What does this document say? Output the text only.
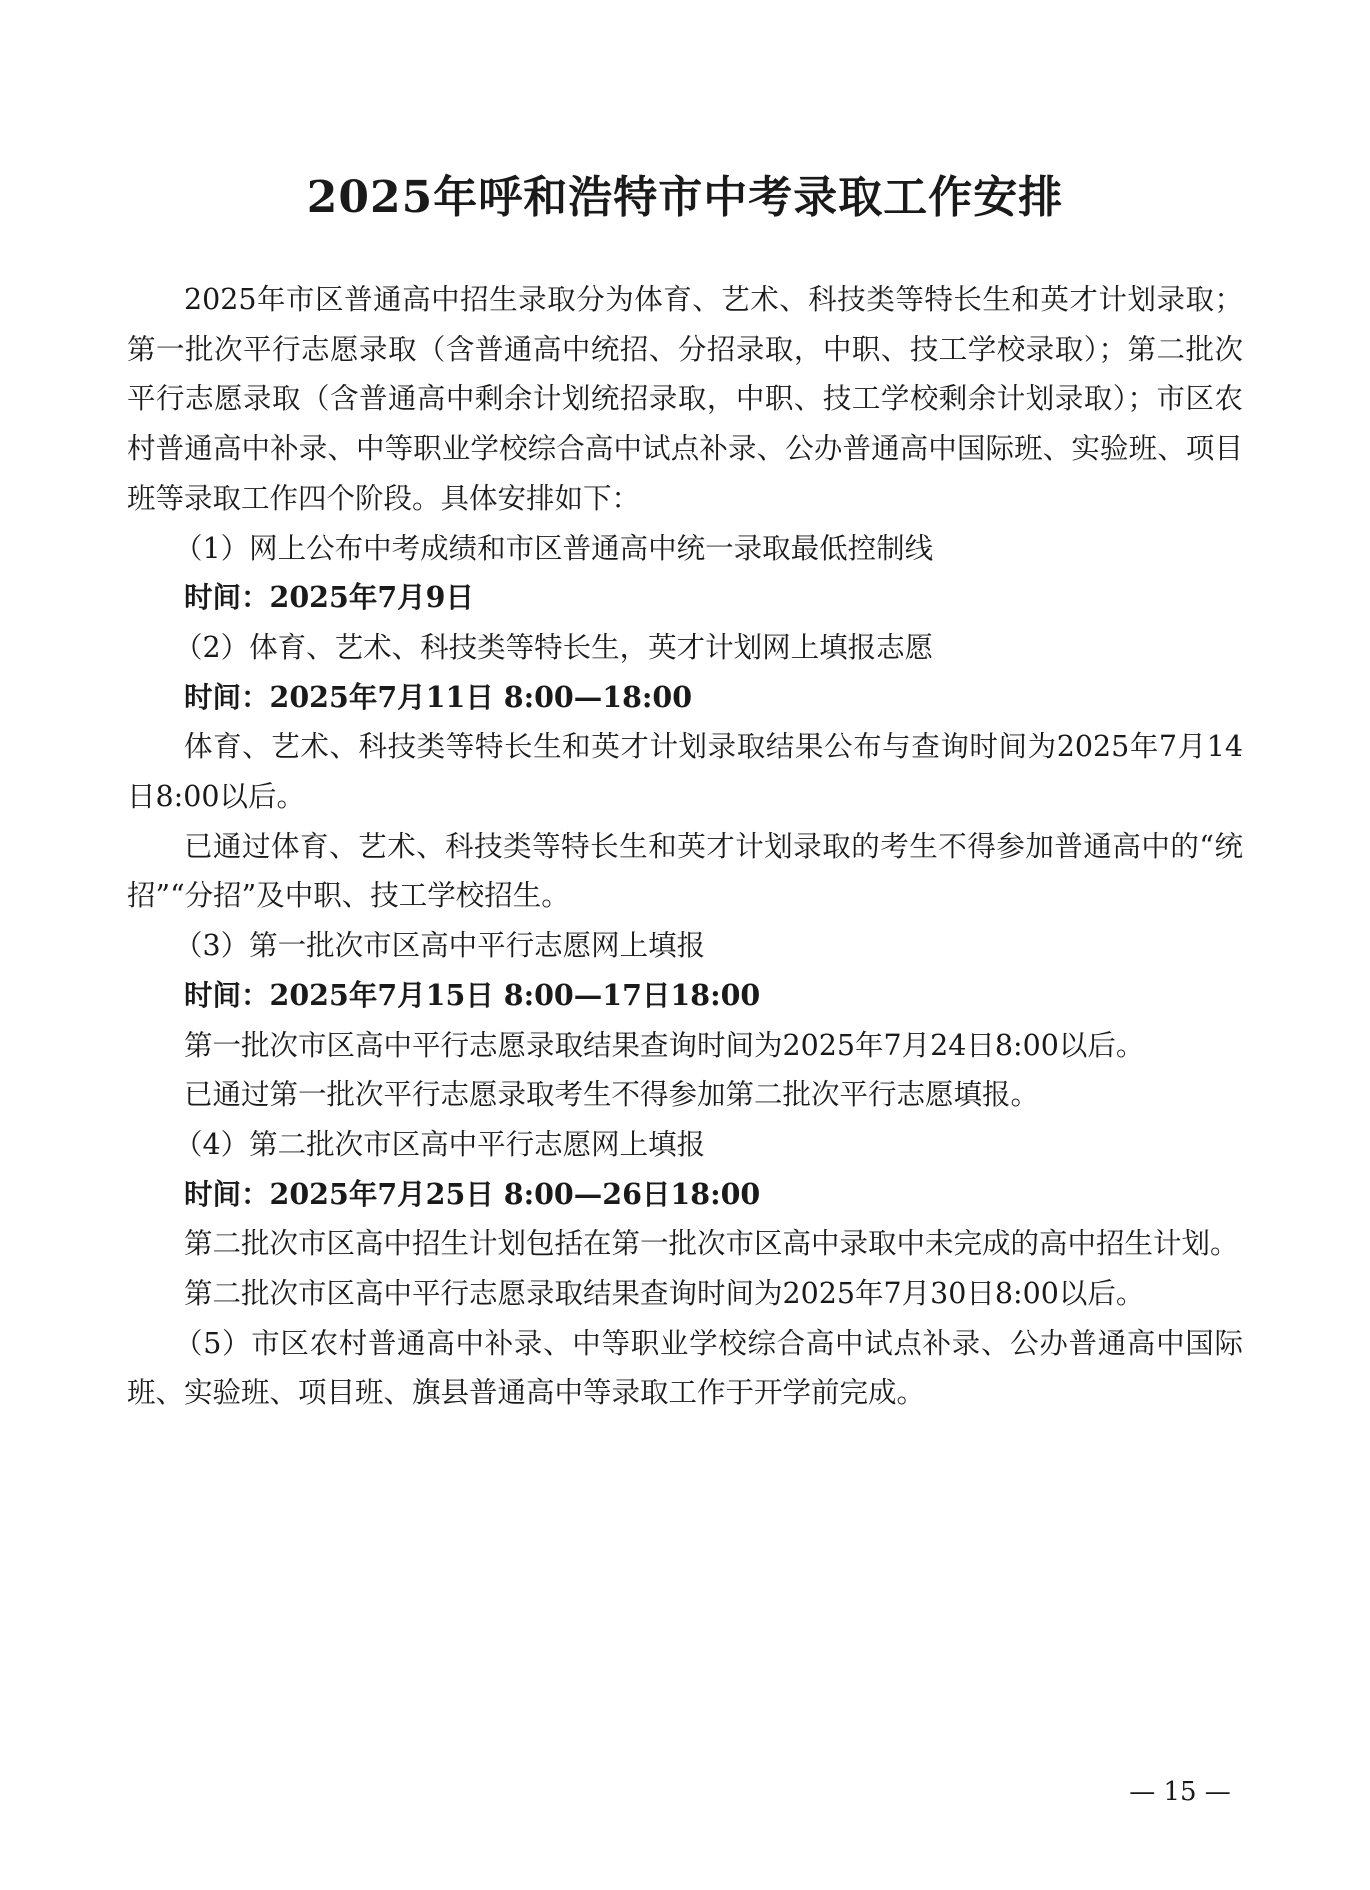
2025年呼和浩特市中考录取工作安排

2025年市区普通高中招生录取分为体育、艺术、科技类等特长生和英才计划录取；第一批次平行志愿录取（含普通高中统招、分招录取，中职、技工学校录取）；第二批次平行志愿录取（含普通高中剩余计划统招录取，中职、技工学校剩余计划录取）；市区农村普通高中补录、中等职业学校综合高中试点补录、公办普通高中国际班、实验班、项目班等录取工作四个阶段。具体安排如下：

（1）网上公布中考成绩和市区普通高中统一录取最低控制线

时间：2025年7月9日

（2）体育、艺术、科技类等特长生，英才计划网上填报志愿

时间：2025年7月11日 8:00—18:00

体育、艺术、科技类等特长生和英才计划录取结果公布与查询时间为2025年7月14日8:00以后。

已通过体育、艺术、科技类等特长生和英才计划录取的考生不得参加普通高中的“统招”“分招”及中职、技工学校招生。

（3）第一批次市区高中平行志愿网上填报

时间：2025年7月15日 8:00—17日18:00

第一批次市区高中平行志愿录取结果查询时间为2025年7月24日8:00以后。

已通过第一批次平行志愿录取考生不得参加第二批次平行志愿填报。

（4）第二批次市区高中平行志愿网上填报

时间：2025年7月25日 8:00—26日18:00

第二批次市区高中招生计划包括在第一批次市区高中录取中未完成的高中招生计划。

第二批次市区高中平行志愿录取结果查询时间为2025年7月30日8:00以后。

（5）市区农村普通高中补录、中等职业学校综合高中试点补录、公办普通高中国际班、实验班、项目班、旗县普通高中等录取工作于开学前完成。

— 15 —
